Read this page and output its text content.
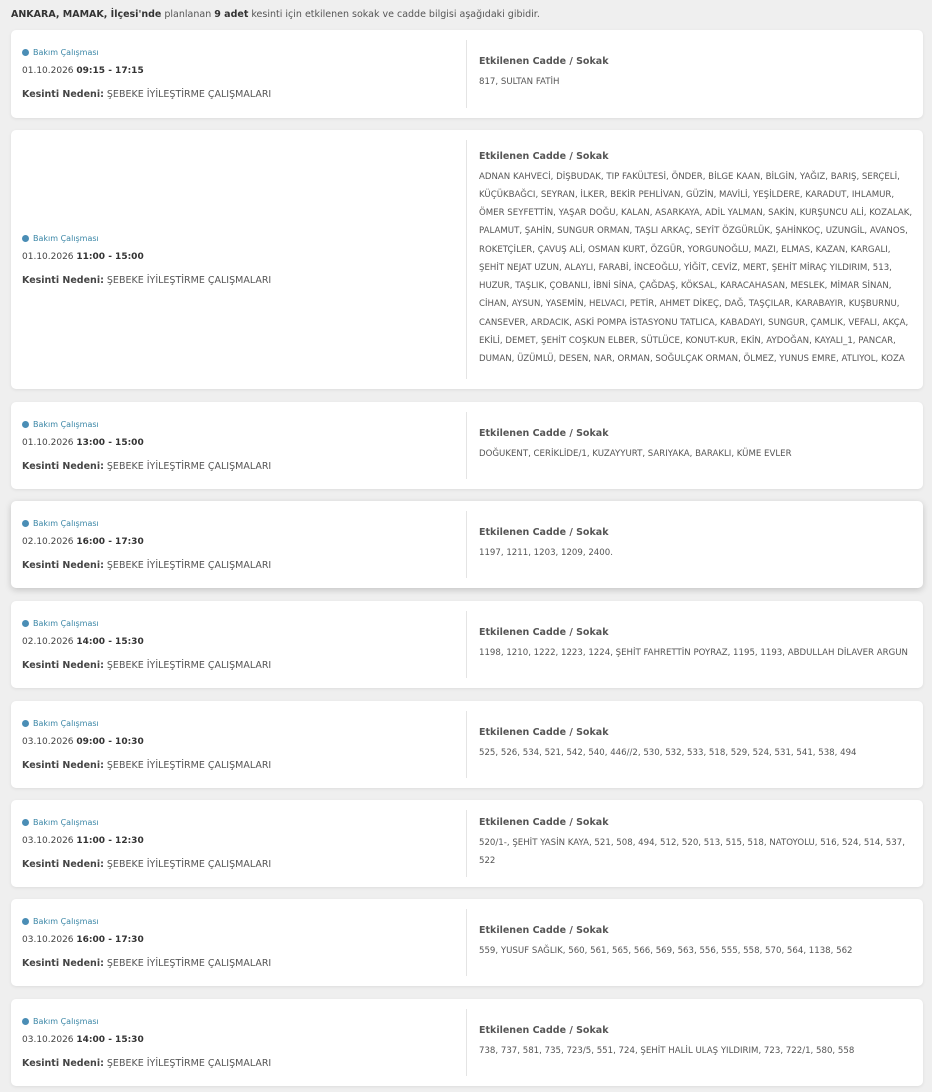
ANKARA, MAMAK, İlçesi'nde planlanan 9 adet kesinti için etkilenen sokak ve cadde bilgisi aşağıdaki gibidir.
Bakım Çalışması
01.10.2026 09:15 - 17:15
Kesinti Nedeni: ŞEBEKE İYİLEŞTİRME ÇALIŞMALARI
Etkilenen Cadde / Sokak
817, SULTAN FATİH
Bakım Çalışması
01.10.2026 11:00 - 15:00
Kesinti Nedeni: ŞEBEKE İYİLEŞTİRME ÇALIŞMALARI
Etkilenen Cadde / Sokak
ADNAN KAHVECİ, DİŞBUDAK, TIP FAKÜLTESİ, ÖNDER, BİLGE KAAN, BİLGİN, YAĞIZ, BARIŞ, SERÇELİ, KÜÇÜKBAĞCI, SEYRAN, İLKER, BEKİR PEHLİVAN, GÜZİN, MAVİLİ, YEŞİLDERE, KARADUT, IHLAMUR, ÖMER SEYFETTİN, YAŞAR DOĞU, KALAN, ASARKAYA, ADİL YALMAN, SAKİN, KURŞUNCU ALİ, KOZALAK, PALAMUT, ŞAHİN, SUNGUR ORMAN, TAŞLI ARKAÇ, SEYİT ÖZGÜRLÜK, ŞAHİNKOÇ, UZUNGİL, AVANOS, ROKETÇİLER, ÇAVUŞ ALİ, OSMAN KURT, ÖZGÜR, YORGUNOĞLU, MAZI, ELMAS, KAZAN, KARGALI, ŞEHİT NEJAT UZUN, ALAYLI, FARABİ, İNCEOĞLU, YİĞİT, CEVİZ, MERT, ŞEHİT MİRAÇ YILDIRIM, 513, HUZUR, TAŞLIK, ÇOBANLI, İBNİ SİNA, ÇAĞDAŞ, KÖKSAL, KARACAHASAN, MESLEK, MİMAR SİNAN, CİHAN, AYSUN, YASEMİN, HELVACI, PETİR, AHMET DİKEÇ, DAĞ, TAŞÇILAR, KARABAYIR, KUŞBURNU, CANSEVER, ARDACIK, ASKİ POMPA İSTASYONU TATLICA, KABADAYI, SUNGUR, ÇAMLIK, VEFALI, AKÇA, EKİLİ, DEMET, ŞEHİT COŞKUN ELBER, SÜTLÜCE, KONUT-KUR, EKİN, AYDOĞAN, KAYALI_1, PANCAR, DUMAN, ÜZÜMLÜ, DESEN, NAR, ORMAN, SOĞULÇAK ORMAN, ÖLMEZ, YUNUS EMRE, ATLIYOL, KOZA
Bakım Çalışması
01.10.2026 13:00 - 15:00
Kesinti Nedeni: ŞEBEKE İYİLEŞTİRME ÇALIŞMALARI
Etkilenen Cadde / Sokak
DOĞUKENT, CERİKLİDE/1, KUZAYYURT, SARIYAKA, BARAKLI, KÜME EVLER
Bakım Çalışması
02.10.2026 16:00 - 17:30
Kesinti Nedeni: ŞEBEKE İYİLEŞTİRME ÇALIŞMALARI
Etkilenen Cadde / Sokak
1197, 1211, 1203, 1209, 2400.
Bakım Çalışması
02.10.2026 14:00 - 15:30
Kesinti Nedeni: ŞEBEKE İYİLEŞTİRME ÇALIŞMALARI
Etkilenen Cadde / Sokak
1198, 1210, 1222, 1223, 1224, ŞEHİT FAHRETTİN POYRAZ, 1195, 1193, ABDULLAH DİLAVER ARGUN
Bakım Çalışması
03.10.2026 09:00 - 10:30
Kesinti Nedeni: ŞEBEKE İYİLEŞTİRME ÇALIŞMALARI
Etkilenen Cadde / Sokak
525, 526, 534, 521, 542, 540, 446//2, 530, 532, 533, 518, 529, 524, 531, 541, 538, 494
Bakım Çalışması
03.10.2026 11:00 - 12:30
Kesinti Nedeni: ŞEBEKE İYİLEŞTİRME ÇALIŞMALARI
Etkilenen Cadde / Sokak
520/1-, ŞEHİT YASİN KAYA, 521, 508, 494, 512, 520, 513, 515, 518, NATOYOLU, 516, 524, 514, 537, 522
Bakım Çalışması
03.10.2026 16:00 - 17:30
Kesinti Nedeni: ŞEBEKE İYİLEŞTİRME ÇALIŞMALARI
Etkilenen Cadde / Sokak
559, YUSUF SAĞLIK, 560, 561, 565, 566, 569, 563, 556, 555, 558, 570, 564, 1138, 562
Bakım Çalışması
03.10.2026 14:00 - 15:30
Kesinti Nedeni: ŞEBEKE İYİLEŞTİRME ÇALIŞMALARI
Etkilenen Cadde / Sokak
738, 737, 581, 735, 723/5, 551, 724, ŞEHİT HALİL ULAŞ YILDIRIM, 723, 722/1, 580, 558
